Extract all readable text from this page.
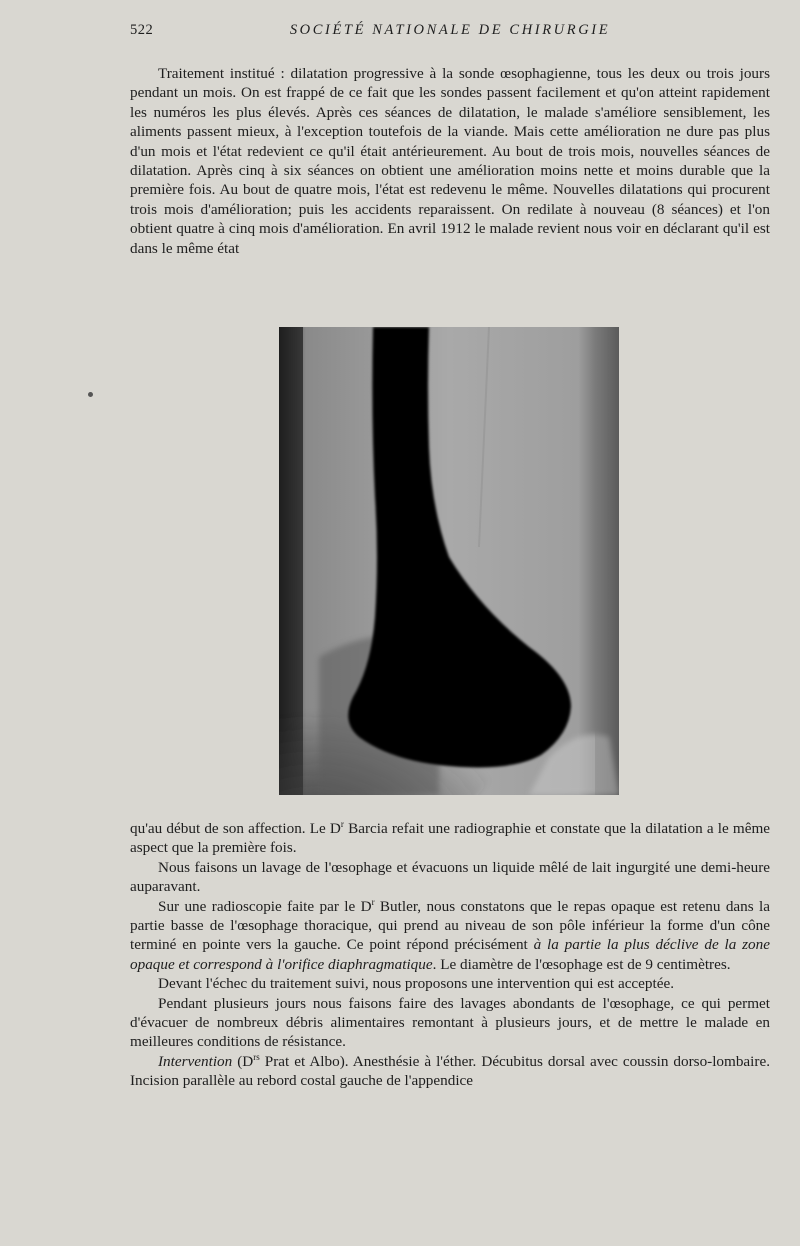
522	SOCIÉTÉ NATIONALE DE CHIRURGIE

Traitement institué : dilatation progressive à la sonde œsophagienne, tous les deux ou trois jours pendant un mois. On est frappé de ce fait que les sondes passent facilement et qu'on atteint rapidement les numéros les plus élevés. Après ces séances de dilatation, le malade s'améliore sensiblement, les aliments passent mieux, à l'exception toutefois de la viande. Mais cette amélioration ne dure pas plus d'un mois et l'état redevient ce qu'il était antérieurement. Au bout de trois mois, nouvelles séances de dilatation. Après cinq à six séances on obtient une amélioration moins nette et moins durable que la première fois. Au bout de quatre mois, l'état est redevenu le même. Nouvelles dilatations qui procurent trois mois d'amélioration; puis les accidents reparaissent. On redilate à nouveau (8 séances) et l'on obtient quatre à cinq mois d'amélioration. En avril 1912 le malade revient nous voir en déclarant qu'il est dans le même état

qu'au début de son affection. Le $D^r$ Barcia refait une radiographie et constate que la dilatation a le même aspect que la première fois.

Nous faisons un lavage de l'œsophage et évacuons un liquide mêlé de lait ingurgité une demi-heure auparavant.

Sur une radioscopie faite par le $D^r$ Butler, nous constatons que le repas opaque est retenu dans la partie basse de l'œsophage thoracique, qui prend au niveau de son pôle inférieur la forme d'un cône terminé en pointe vers la gauche. Ce point répond précisément à la partie la plus déclive de la zone opaque et correspond à l'orifice diaphragmatique. Le diamètre de l'œsophage est de 9 centimètres.

Devant l'échec du traitement suivi, nous proposons une intervention qui est acceptée.

Pendant plusieurs jours nous faisons faire des lavages abondants de l'œsophage, ce qui permet d'évacuer de nombreux débris alimentaires remontant à plusieurs jours, et de mettre le malade en meilleures conditions de résistance.

Intervention ($D^{rs}$ Prat et Albo). Anesthésie à l'éther. Décubitus dorsal avec coussin dorso-lombaire. Incision parallèle au rebord costal gauche de l'appendice
